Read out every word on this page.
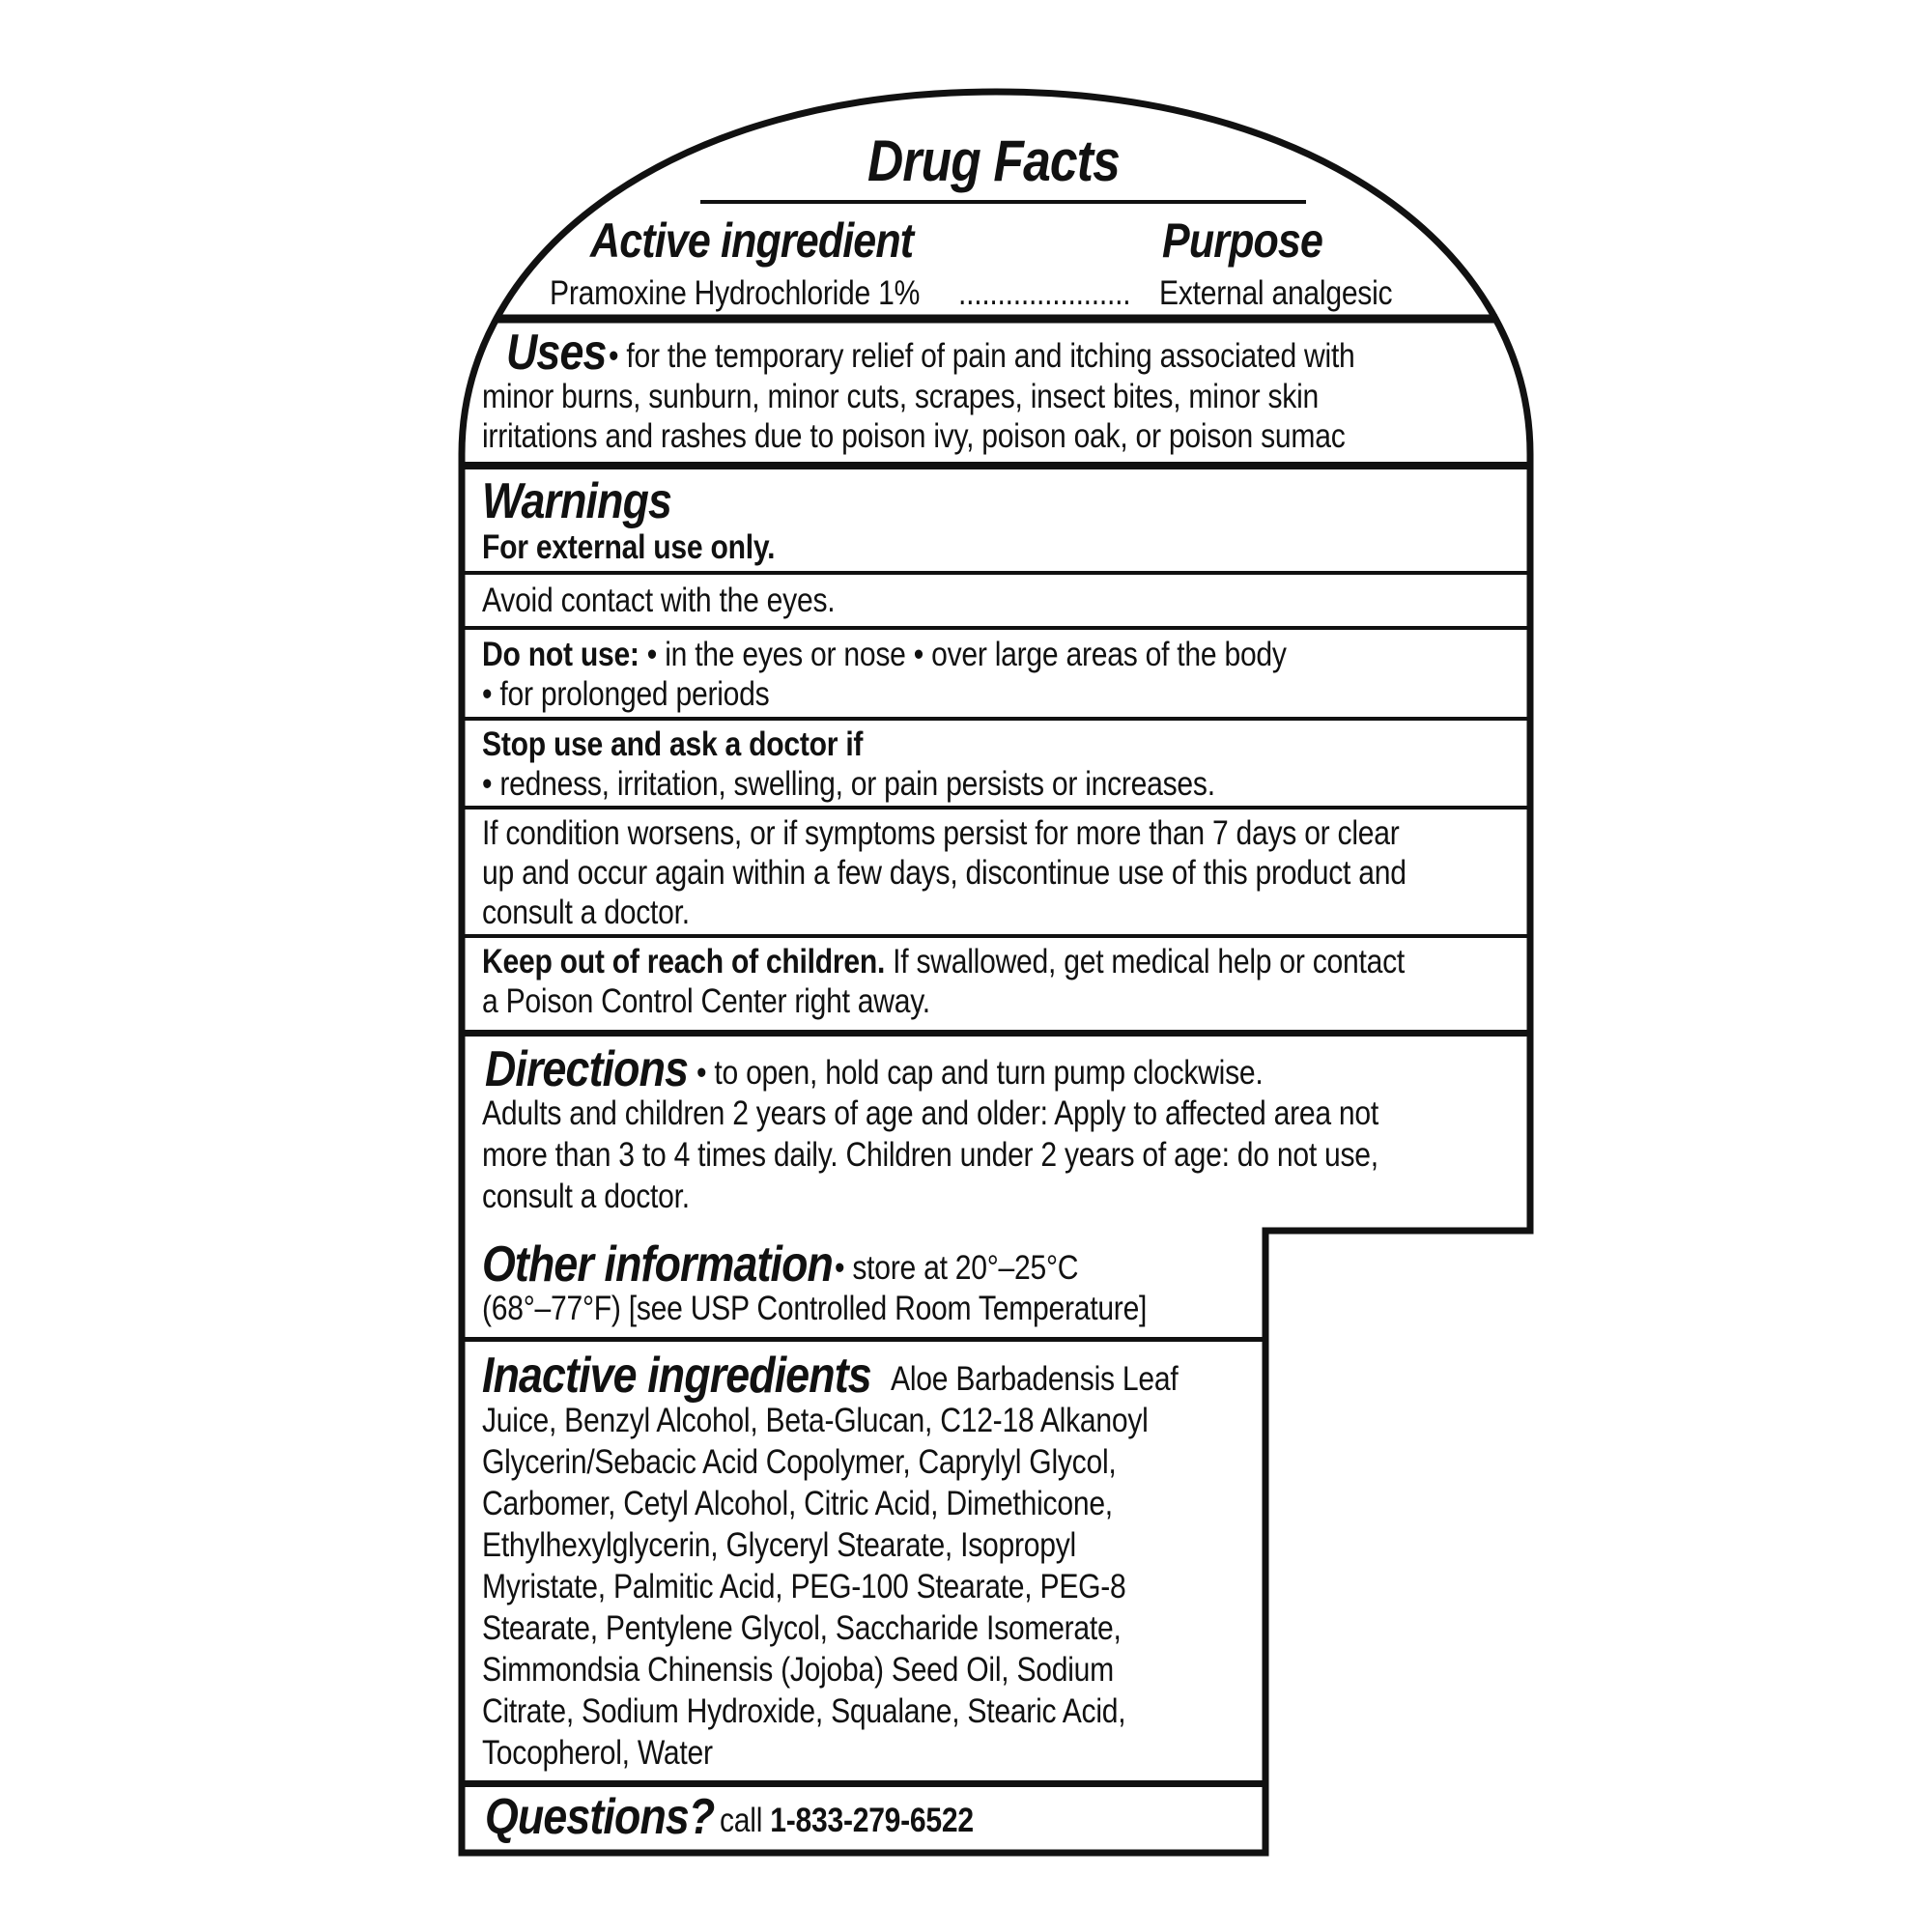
Drug Facts
Active ingredient	Purpose
Pramoxine Hydrochloride 1% ...................... External analgesic
Uses • for the temporary relief of pain and itching associated with
minor burns, sunburn, minor cuts, scrapes, insect bites, minor skin
irritations and rashes due to poison ivy, poison oak, or poison sumac
Warnings
For external use only.
Avoid contact with the eyes.
Do not use: • in the eyes or nose • over large areas of the body
• for prolonged periods
Stop use and ask a doctor if
• redness, irritation, swelling, or pain persists or increases.
If condition worsens, or if symptoms persist for more than 7 days or clear
up and occur again within a few days, discontinue use of this product and
consult a doctor.
Keep out of reach of children. If swallowed, get medical help or contact
a Poison Control Center right away.
Directions • to open, hold cap and turn pump clockwise.
Adults and children 2 years of age and older: Apply to affected area not
more than 3 to 4 times daily. Children under 2 years of age: do not use,
consult a doctor.
Other information • store at 20°–25°C
(68°–77°F) [see USP Controlled Room Temperature]
Inactive ingredients Aloe Barbadensis Leaf
Juice, Benzyl Alcohol, Beta-Glucan, C12-18 Alkanoyl
Glycerin/Sebacic Acid Copolymer, Caprylyl Glycol,
Carbomer, Cetyl Alcohol, Citric Acid, Dimethicone,
Ethylhexylglycerin, Glyceryl Stearate, Isopropyl
Myristate, Palmitic Acid, PEG-100 Stearate, PEG-8
Stearate, Pentylene Glycol, Saccharide Isomerate,
Simmondsia Chinensis (Jojoba) Seed Oil, Sodium
Citrate, Sodium Hydroxide, Squalane, Stearic Acid,
Tocopherol, Water
Questions? call 1-833-279-6522
